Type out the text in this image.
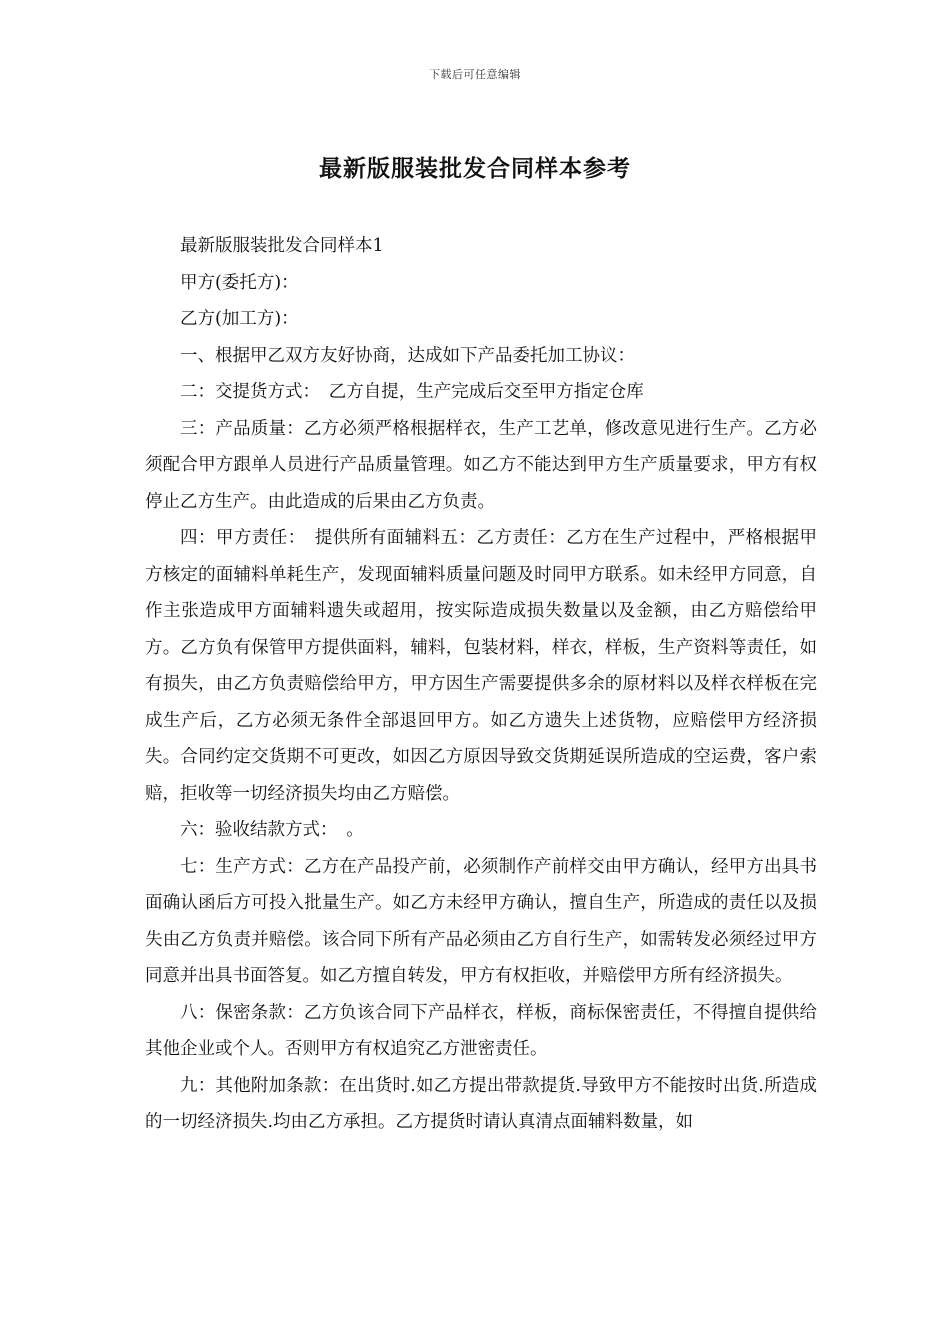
下载后可任意编辑
最新版服装批发合同样本参考

最新版服装批发合同样本1

甲方(委托方)：

乙方(加工方)：

一、根据甲乙双方友好协商，达成如下产品委托加工协议：

二：交提货方式：　乙方自提，生产完成后交至甲方指定仓库

三：产品质量：乙方必须严格根据样衣，生产工艺单，修改意见进行生产。乙方必须配合甲方跟单人员进行产品质量管理。如乙方不能达到甲方生产质量要求，甲方有权停止乙方生产。由此造成的后果由乙方负责。

四：甲方责任：　提供所有面辅料五：乙方责任：乙方在生产过程中，严格根据甲方核定的面辅料单耗生产，发现面辅料质量问题及时同甲方联系。如未经甲方同意，自作主张造成甲方面辅料遗失或超用，按实际造成损失数量以及金额，由乙方赔偿给甲方。乙方负有保管甲方提供面料，辅料，包装材料，样衣，样板，生产资料等责任，如有损失，由乙方负责赔偿给甲方，甲方因生产需要提供多余的原材料以及样衣样板在完成生产后，乙方必须无条件全部退回甲方。如乙方遗失上述货物，应赔偿甲方经济损失。合同约定交货期不可更改，如因乙方原因导致交货期延误所造成的空运费，客户索赔，拒收等一切经济损失均由乙方赔偿。

六：验收结款方式：　。

七：生产方式：乙方在产品投产前，必须制作产前样交由甲方确认，经甲方出具书面确认函后方可投入批量生产。如乙方未经甲方确认，擅自生产，所造成的责任以及损失由乙方负责并赔偿。该合同下所有产品必须由乙方自行生产，如需转发必须经过甲方同意并出具书面答复。如乙方擅自转发，甲方有权拒收，并赔偿甲方所有经济损失。

八：保密条款：乙方负该合同下产品样衣，样板，商标保密责任，不得擅自提供给其他企业或个人。否则甲方有权追究乙方泄密责任。

九：其他附加条款：在出货时.如乙方提出带款提货.导致甲方不能按时出货.所造成的一切经济损失.均由乙方承担。乙方提货时请认真清点面辅料数量，如
